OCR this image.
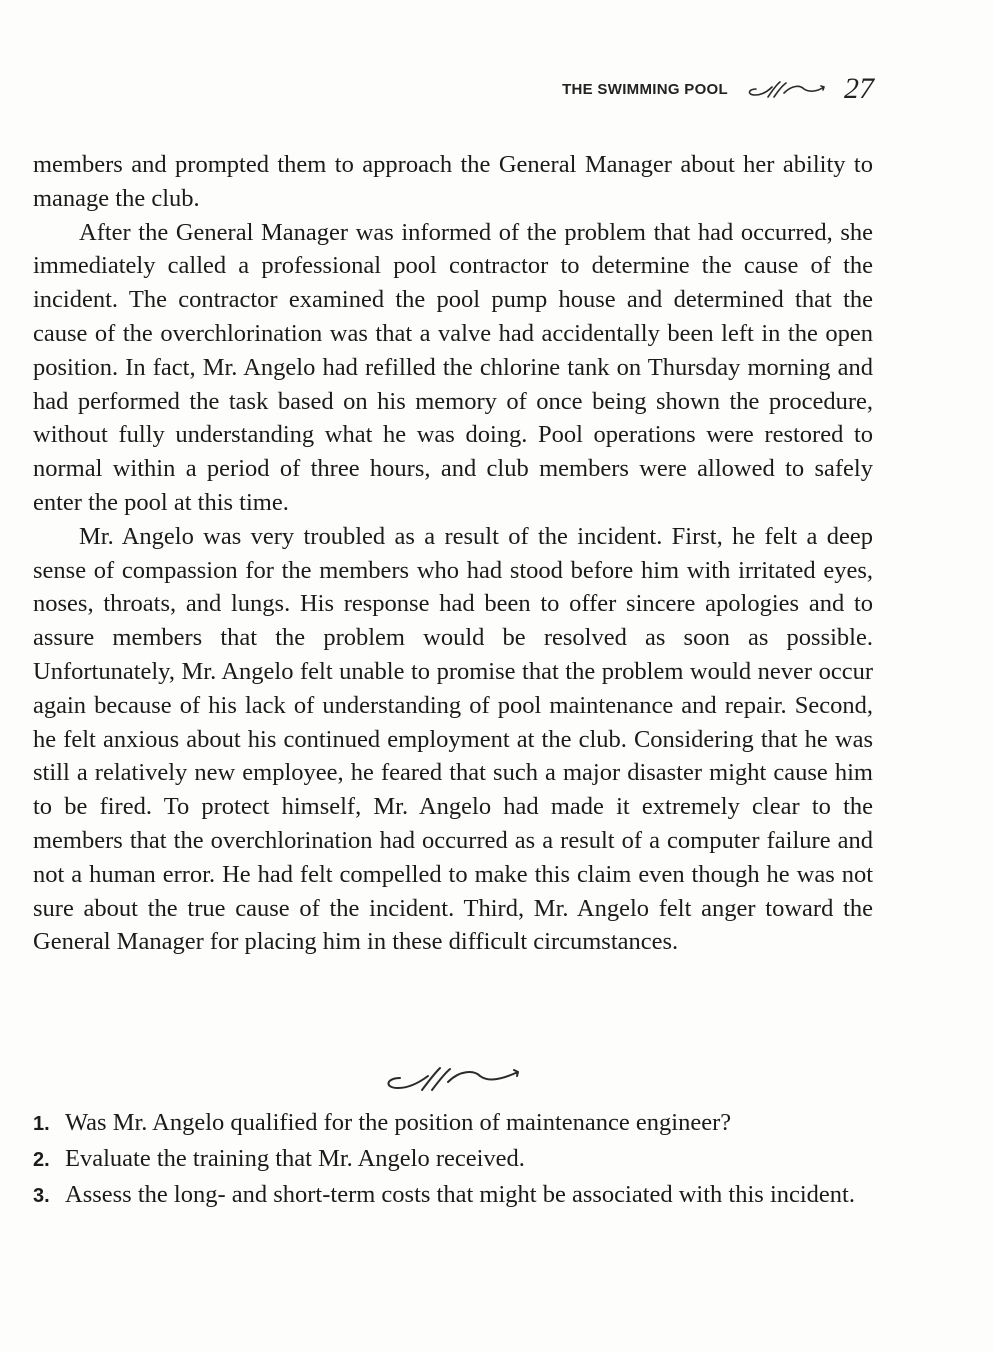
THE SWIMMING POOL	27

members and prompted them to approach the General Manager about her ability to manage the club.

After the General Manager was informed of the problem that had occurred, she immediately called a professional pool contractor to determine the cause of the incident. The contractor examined the pool pump house and determined that the cause of the overchlorination was that a valve had accidentally been left in the open position. In fact, Mr. Angelo had refilled the chlorine tank on Thursday morning and had performed the task based on his memory of once being shown the procedure, without fully understanding what he was doing. Pool operations were restored to normal within a period of three hours, and club members were allowed to safely enter the pool at this time.

Mr. Angelo was very troubled as a result of the incident. First, he felt a deep sense of compassion for the members who had stood before him with irritated eyes, noses, throats, and lungs. His response had been to offer sincere apologies and to assure members that the problem would be resolved as soon as possible. Unfortunately, Mr. Angelo felt unable to promise that the problem would never occur again because of his lack of understanding of pool maintenance and repair. Second, he felt anxious about his continued employment at the club. Considering that he was still a relatively new employee, he feared that such a major disaster might cause him to be fired. To protect himself, Mr. Angelo had made it extremely clear to the members that the overchlorination had occurred as a result of a computer failure and not a human error. He had felt compelled to make this claim even though he was not sure about the true cause of the incident. Third, Mr. Angelo felt anger toward the General Manager for placing him in these difficult circumstances.

1. Was Mr. Angelo qualified for the position of maintenance engineer?
2. Evaluate the training that Mr. Angelo received.
3. Assess the long- and short-term costs that might be associated with this incident.
